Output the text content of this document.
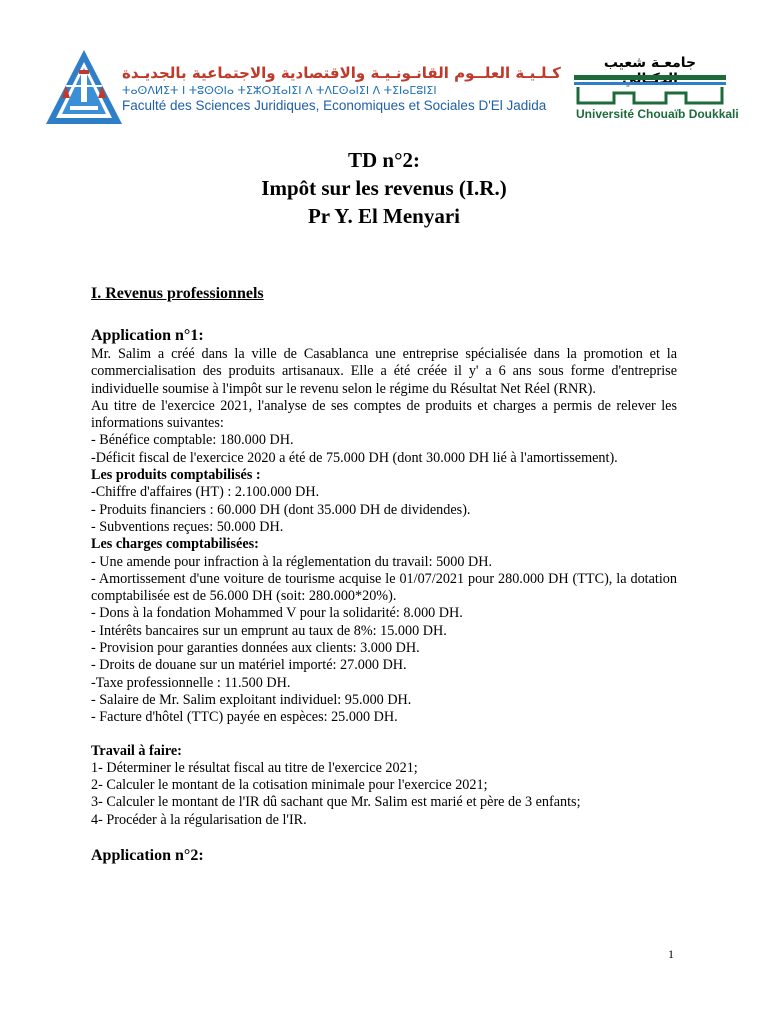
كـلـيـة العلــوم القانـونـيـة والاقتصادية والاجتماعية بالجديـدة
ⵜⴰⵙⴷⵍⵉⵜ ⵏ ⵜⵓⵙⵙⵏⴰ ⵜⵉⵣⵔⴼⴰⵏⵉⵏ ⴷ ⵜⴷⵎⵙⴰⵏⵉⵏ ⴷ ⵜⵉⵏⴰⵎⵓⵏⵉⵏ
Faculté des Sciences Juridiques, Economiques et Sociales D'El Jadida
جامعـة شعيب
Université Chouaïb Doukkali
TD n°2:
Impôt sur les revenus (I.R.)
Pr Y. El Menyari
I. Revenus professionnels
Application n°1:

Mr. Salim a créé dans la ville de Casablanca une entreprise spécialisée dans la promotion et la commercialisation des produits artisanaux. Elle a été créée il y' a 6 ans sous forme d'entreprise individuelle soumise à l'impôt sur le revenu selon le régime du Résultat Net Réel (RNR).

Au titre de l'exercice 2021, l'analyse de ses comptes de produits et charges a permis de relever les informations suivantes:

- Bénéfice comptable: 180.000 DH.

-Déficit fiscal de l'exercice 2020 a été de 75.000 DH (dont 30.000 DH lié à l'amortissement).

Les produits comptabilisés :
-Chiffre d'affaires (HT) : 2.100.000 DH.
- Produits financiers : 60.000 DH (dont 35.000 DH de dividendes).
- Subventions reçues: 50.000 DH.
Les charges comptabilisées:
- Une amende pour infraction à la réglementation du travail: 5000 DH.

- Amortissement d'une voiture de tourisme acquise le 01/07/2021 pour 280.000 DH (TTC), la dotation comptabilisée est de 56.000 DH (soit: 280.000*20%).

- Dons à la fondation Mohammed V pour la solidarité: 8.000 DH.
- Intérêts bancaires sur un emprunt au taux de 8%: 15.000 DH.
- Provision pour garanties données aux clients: 3.000 DH.
- Droits de douane sur un matériel importé: 27.000 DH.
-Taxe professionnelle : 11.500 DH.
- Salaire de Mr. Salim exploitant individuel: 95.000 DH.
- Facture d'hôtel (TTC) payée en espèces: 25.000 DH.
Travail à faire:
1- Déterminer le résultat fiscal au titre de l'exercice 2021;
2- Calculer le montant de la cotisation minimale pour l'exercice 2021;
3- Calculer le montant de l'IR dû sachant que Mr. Salim est marié et père de 3 enfants;
4- Procéder à la régularisation de l'IR.
Application n°2:
1
